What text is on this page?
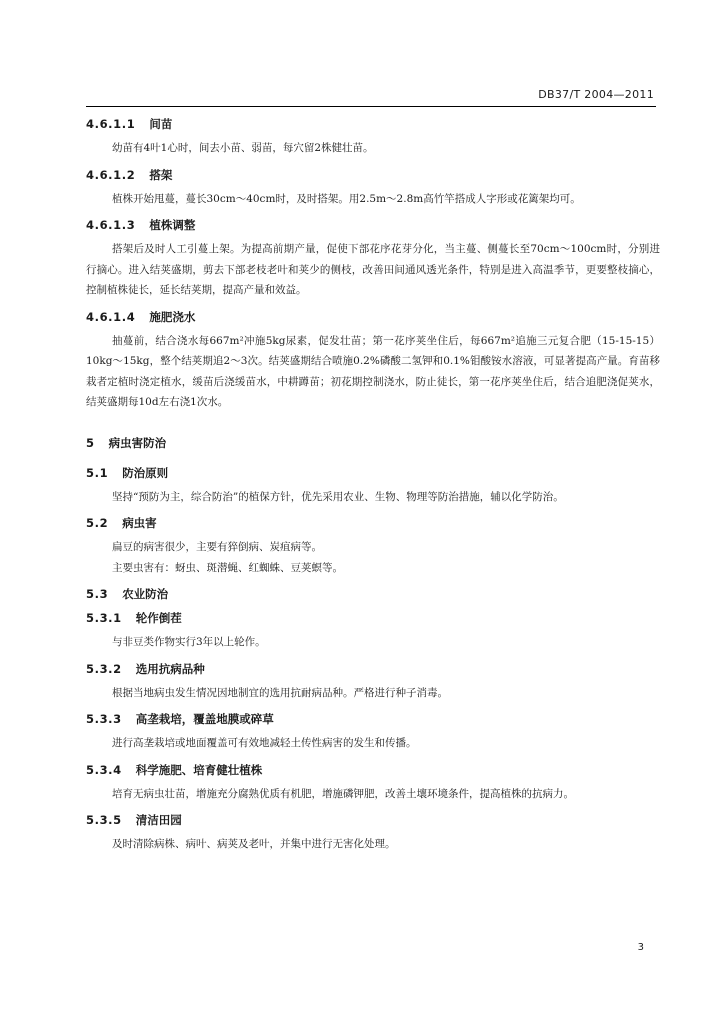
DB37/T 2004—2011
4.6.1.1 间苗

幼苗有4叶1心时，间去小苗、弱苗，每穴留2株健壮苗。

4.6.1.2 搭架

植株开始甩蔓，蔓长30cm～40cm时，及时搭架。用2.5m～2.8m高竹竿搭成人字形或花篱架均可。

4.6.1.3 植株调整

搭架后及时人工引蔓上架。为提高前期产量，促使下部花序花芽分化，当主蔓、侧蔓长至70cm～100cm时，分别进行摘心。进入结荚盛期，剪去下部老枝老叶和荚少的侧枝，改善田间通风透光条件，特别是进入高温季节，更要整枝摘心，控制植株徒长，延长结荚期，提高产量和效益。

4.6.1.4 施肥浇水

抽蔓前，结合浇水每667m²冲施5kg尿素，促发壮苗；第一花序荚坐住后，每667m²追施三元复合肥（15-15-15）10kg～15kg，整个结荚期追2～3次。结荚盛期结合喷施0.2%磷酸二氢钾和0.1%钼酸铵水溶液，可显著提高产量。育苗移栽者定植时浇定植水，缓苗后浇缓苗水，中耕蹲苗；初花期控制浇水，防止徒长，第一花序荚坐住后，结合追肥浇促荚水，结荚盛期每10d左右浇1次水。

5 病虫害防治
5.1 防治原则

坚持“预防为主，综合防治”的植保方针，优先采用农业、生物、物理等防治措施，辅以化学防治。

5.2 病虫害

扁豆的病害很少，主要有猝倒病、炭疽病等。

主要虫害有：蚜虫、斑潜蝇、红蜘蛛、豆荚螟等。

5.3 农业防治
5.3.1 轮作倒茬

与非豆类作物实行3年以上轮作。

5.3.2 选用抗病品种

根据当地病虫发生情况因地制宜的选用抗耐病品种。严格进行种子消毒。

5.3.3 高垄栽培，覆盖地膜或碎草

进行高垄栽培或地面覆盖可有效地减轻土传性病害的发生和传播。

5.3.4 科学施肥、培育健壮植株

培育无病虫壮苗，增施充分腐熟优质有机肥，增施磷钾肥，改善土壤环境条件，提高植株的抗病力。

5.3.5 清洁田园

及时清除病株、病叶、病荚及老叶，并集中进行无害化处理。

3
